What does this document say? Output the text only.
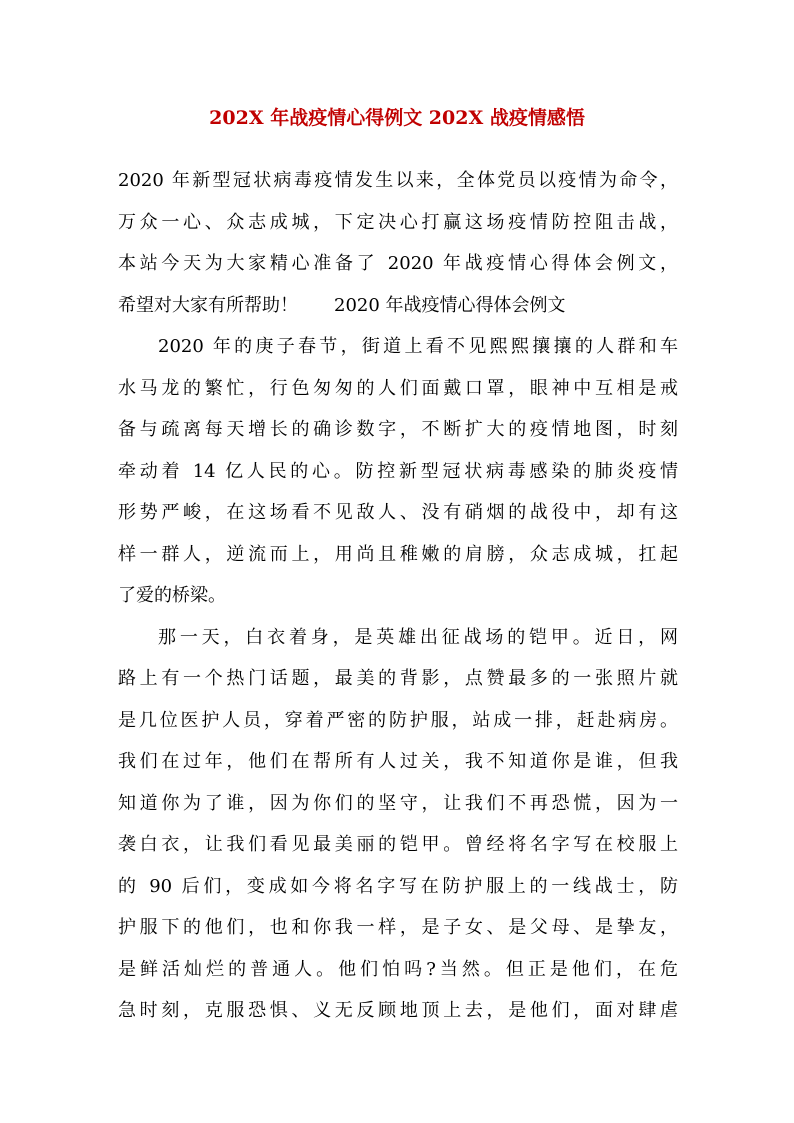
202X 年战疫情心得例文 202X 战疫情感悟
2020 年新型冠状病毒疫情发生以来，全体党员以疫情为命令，
万众一心、众志成城，下定决心打赢这场疫情防控阻击战，
本站今天为大家精心准备了 2020 年战疫情心得体会例文，
希望对大家有所帮助！ 2020 年战疫情心得体会例文
2020 年的庚子春节，街道上看不见熙熙攘攘的人群和车
水马龙的繁忙，行色匆匆的人们面戴口罩，眼神中互相是戒
备与疏离每天增长的确诊数字，不断扩大的疫情地图，时刻
牵动着 14 亿人民的心。防控新型冠状病毒感染的肺炎疫情
形势严峻，在这场看不见敌人、没有硝烟的战役中，却有这
样一群人，逆流而上，用尚且稚嫩的肩膀，众志成城，扛起
了爱的桥梁。
那一天，白衣着身，是英雄出征战场的铠甲。近日，网
路上有一个热门话题，最美的背影，点赞最多的一张照片就
是几位医护人员，穿着严密的防护服，站成一排，赶赴病房。
我们在过年，他们在帮所有人过关，我不知道你是谁，但我
知道你为了谁，因为你们的坚守，让我们不再恐慌，因为一
袭白衣，让我们看见最美丽的铠甲。曾经将名字写在校服上
的 90 后们，变成如今将名字写在防护服上的一线战士，防
护服下的他们，也和你我一样，是子女、是父母、是挚友，
是鲜活灿烂的普通人。他们怕吗?当然。但正是他们，在危
急时刻，克服恐惧、义无反顾地顶上去，是他们，面对肆虐
